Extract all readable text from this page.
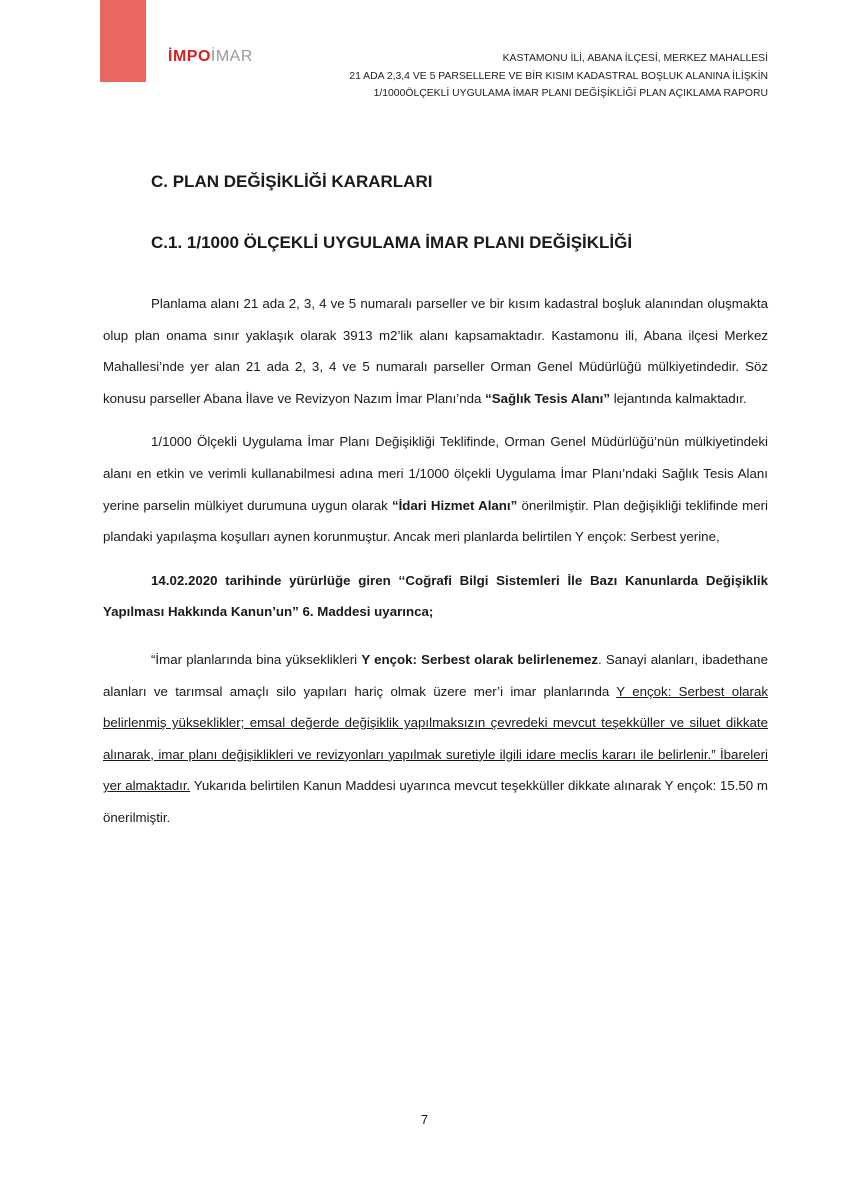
İMPOİMAR	KASTAMONU İLİ, ABANA İLÇESİ, MERKEZ MAHALLESİ
21 ADA 2,3,4 VE 5 PARSELLERE VE BİR KISIM KADASTRAL BOŞLUK ALANINA İLİŞKİN
1/1000ÖLÇEKLİ UYGULAMA İMAR PLANI DEĞİŞİKLİĞİ PLAN AÇIKLAMA RAPORU
C. PLAN DEĞİŞİKLİĞİ KARARLARI
C.1. 1/1000 ÖLÇEKLİ UYGULAMA İMAR PLANI DEĞİŞİKLİĞİ

Planlama alanı 21 ada 2, 3, 4 ve 5 numaralı parseller ve bir kısım kadastral boşluk alanından oluşmakta olup plan onama sınır yaklaşık olarak 3913 m2’lik alanı kapsamaktadır. Kastamonu ili, Abana ilçesi Merkez Mahallesi’nde yer alan 21 ada 2, 3, 4 ve 5 numaralı parseller Orman Genel Müdürlüğü mülkiyetindedir. Söz konusu parseller Abana İlave ve Revizyon Nazım İmar Planı’nda “Sağlık Tesis Alanı” lejantında kalmaktadır.

1/1000 Ölçekli Uygulama İmar Planı Değişikliği Teklifinde, Orman Genel Müdürlüğü’nün mülkiyetindeki alanı en etkin ve verimli kullanabilmesi adına meri 1/1000 ölçekli Uygulama İmar Planı’ndaki Sağlık Tesis Alanı yerine parselin mülkiyet durumuna uygun olarak “İdari Hizmet Alanı” önerilmiştir. Plan değişikliği teklifinde meri plandaki yapılaşma koşulları aynen korunmuştur. Ancak meri planlarda belirtilen Y ençok: Serbest yerine,

14.02.2020 tarihinde yürürlüğe giren ‘‘Coğrafi Bilgi Sistemleri İle Bazı Kanunlarda Değişiklik Yapılması Hakkında Kanun’un” 6. Maddesi uyarınca;

“İmar planlarında bina yükseklikleri Y ençok: Serbest olarak belirlenemez. Sanayi alanları, ibadethane alanları ve tarımsal amaçlı silo yapıları hariç olmak üzere mer’i imar planlarında Y ençok: Serbest olarak belirlenmiş yükseklikler; emsal değerde değişiklik yapılmaksızın çevredeki mevcut teşekküller ve siluet dikkate alınarak, imar planı değişiklikleri ve revizyonları yapılmak suretiyle ilgili idare meclis kararı ile belirlenir.” İbareleri yer almaktadır. Yukarıda belirtilen Kanun Maddesi uyarınca mevcut teşekküller dikkate alınarak Y ençok: 15.50 m önerilmiştir.

7
